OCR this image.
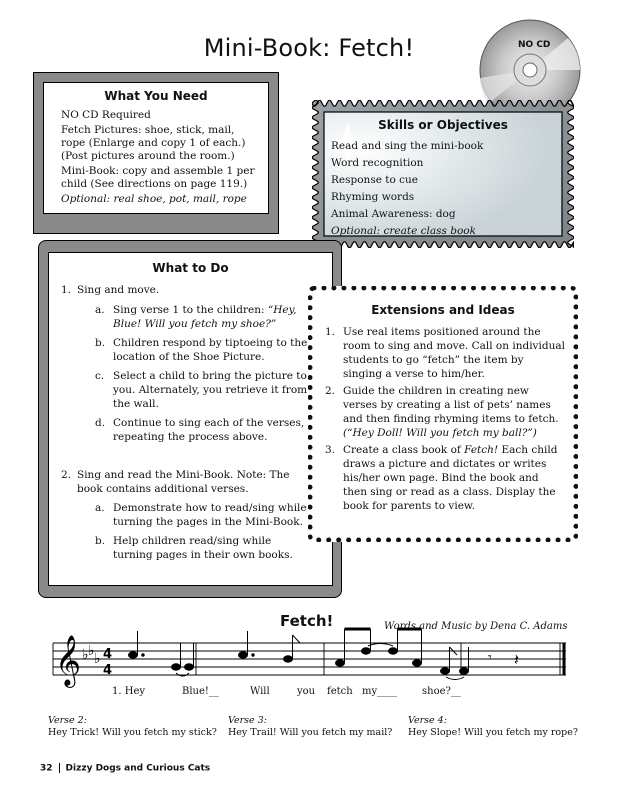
Mini-Book: Fetch!	NO CD
What You Need

NO CD Required

Fetch Pictures: shoe, stick, mail, rope (Enlarge and copy 1 of each.) (Post pictures around the room.)

Mini-Book: copy and assemble 1 per child (See directions on page 119.)

Optional: real shoe, pot, mail, rope

Skills or Objectives
Read and sing the mini-book
Word recognition
Response to cue
Rhyming words
Animal Awareness: dog
Optional: create class book
What to Do
1. Sing and move.
a. Sing verse 1 to the children: “Hey, Blue! Will you fetch my shoe?”
b. Children respond by tiptoeing to the location of the Shoe Picture.
c. Select a child to bring the picture to you. Alternately, you retrieve it from the wall.
d. Continue to sing each of the verses, repeating the process above.
2. Sing and read the Mini-Book. Note: The book contains additional verses.
a. Demonstrate how to read/sing while turning the pages in the Mini-Book.
b. Help children read/sing while turning pages in their own books.
Extensions and Ideas
1. Use real items positioned around the room to sing and move. Call on individual students to go “fetch” the item by singing a verse to him/her.
2. Guide the children in creating new verses by creating a list of pets’ names and then finding rhyming items to fetch. (“Hey Doll! Will you fetch my ball?”)
3. Create a class book of Fetch! Each child draws a picture and dictates or writes his/her own page. Bind the book and then sing or read as a class. Display the book for parents to view.
Fetch!	Words and Music by Dena C. Adams
𝄞 ♭ ♭ ♭ 4
4
𝄾 𝄽
1. Hey	Blue!__	Will	you fetch my____ shoe?__
Verse 2:
Hey Trick! Will you fetch my stick?
Verse 3:
Hey Trail! Will you fetch my mail?
Verse 4:
Hey Slope! Will you fetch my rope?
32 Dizzy Dogs and Curious Cats
